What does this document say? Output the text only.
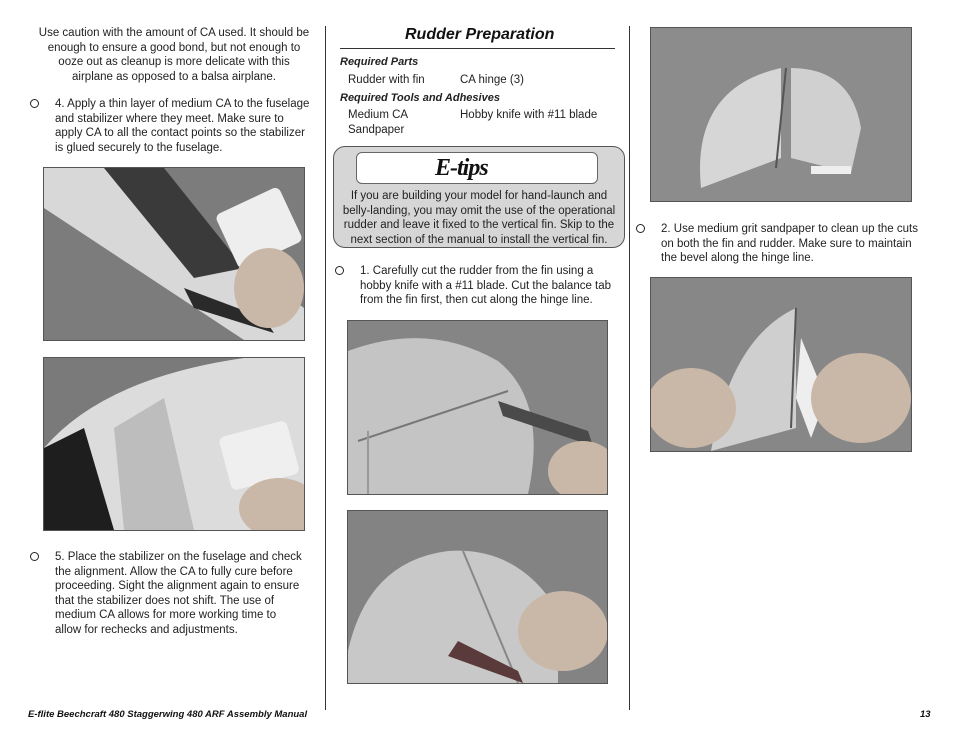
Use caution with the amount of CA used. It should be enough to ensure a good bond, but not enough to ooze out as cleanup is more delicate with this airplane as opposed to a balsa airplane.
4. Apply a thin layer of medium CA to the fuselage and stabilizer where they meet. Make sure to apply CA to all the contact points so the stabilizer is glued securely to the fuselage.
5. Place the stabilizer on the fuselage and check the alignment. Allow the CA to fully cure before proceeding. Sight the alignment again to ensure that the stabilizer does not shift. The use of medium CA allows for more working time to allow for rechecks and adjustments.
Rudder Preparation
Required Parts
Rudder with fin	CA hinge (3)
Required Tools and Adhesives
Medium CA	Hobby knife with #11 blade
Sandpaper
E-tips
If you are building your model for hand-launch and belly-landing, you may omit the use of the operational rudder and leave it fixed to the vertical fin. Skip to the next section of the manual to install the vertical fin.
1. Carefully cut the rudder from the fin using a hobby knife with a #11 blade. Cut the balance tab from the fin first, then cut along the hinge line.
2. Use medium grit sandpaper to clean up the cuts on both the fin and rudder. Make sure to maintain the bevel along the hinge line.
E-flite Beechcraft 480 Staggerwing 480 ARF Assembly Manual	13
